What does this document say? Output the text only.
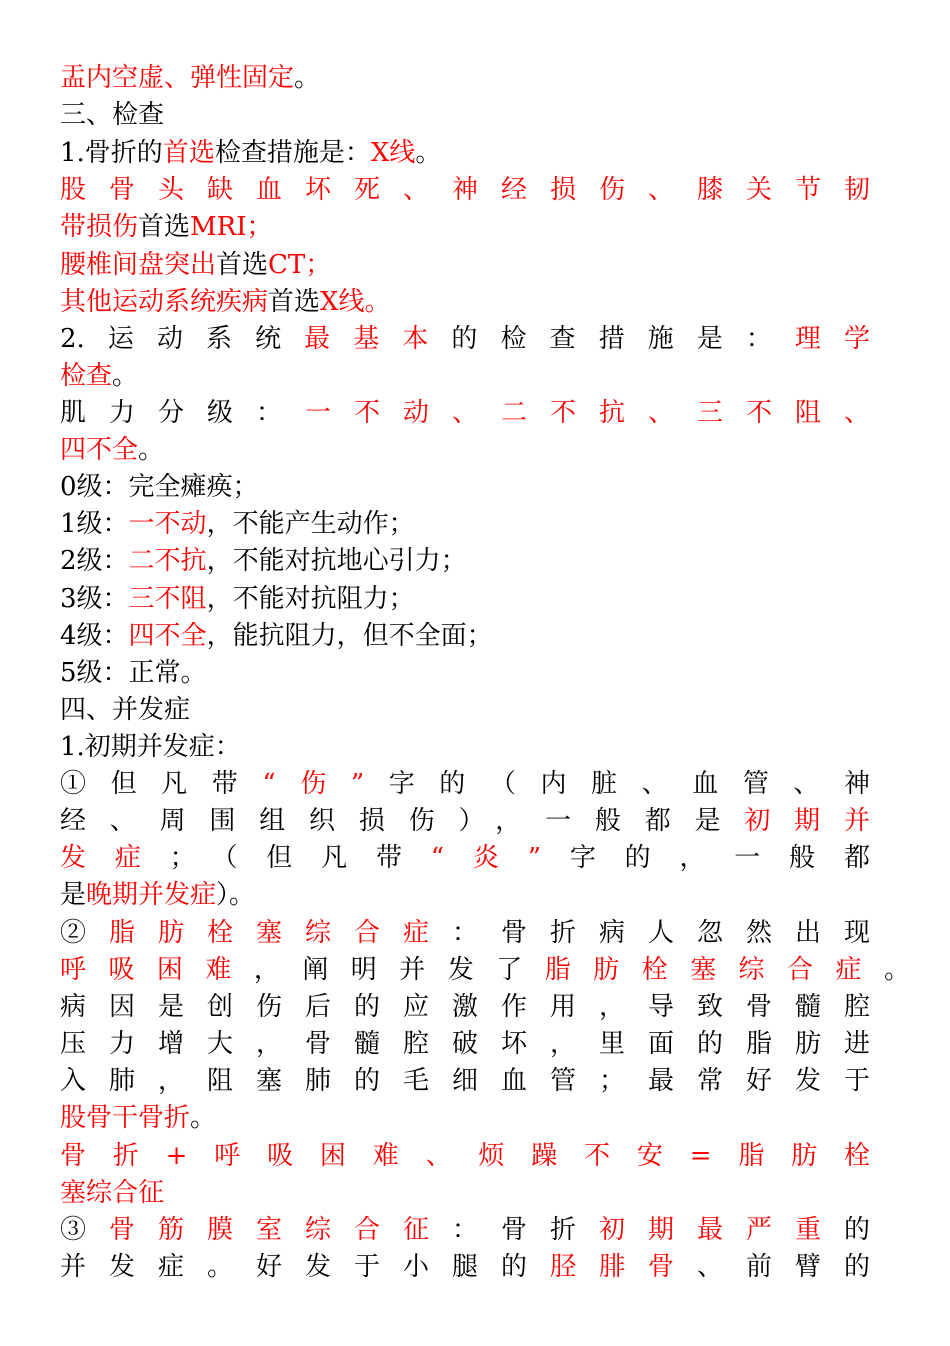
盂内空虚、弹性固定。
三、检查
1.骨折的首选检查措施是：X线。
股骨头缺血坏死、神经损伤、膝关节韧
带损伤首选MRI；
腰椎间盘突出首选CT；
其他运动系统疾病首选X线。
2.运动系统最基本的检查措施是：理学
检查。
肌力分级：一不动、二不抗、三不阻、
四不全。
0级：完全瘫痪；
1级：一不动，不能产生动作；
2级：二不抗，不能对抗地心引力；
3级：三不阻，不能对抗阻力；
4级：四不全，能抗阻力，但不全面；
5级：正常。
四、并发症
1.初期并发症：
①但凡带“伤”字的（内脏、血管、神
经、周围组织损伤），一般都是初期并
发症；（但凡带“炎”字的，一般都
是晚期并发症）。
②脂肪栓塞综合症：骨折病人忽然出现
呼吸困难，阐明并发了脂肪栓塞综合症。
病因是创伤后的应激作用，导致骨髓腔
压力增大，骨髓腔破坏，里面的脂肪进
入肺，阻塞肺的毛细血管；最常好发于
股骨干骨折。
骨折+呼吸困难、烦躁不安=脂肪栓
塞综合征
③骨筋膜室综合征：骨折初期最严重的
并发症。好发于小腿的胫腓骨、前臂的
